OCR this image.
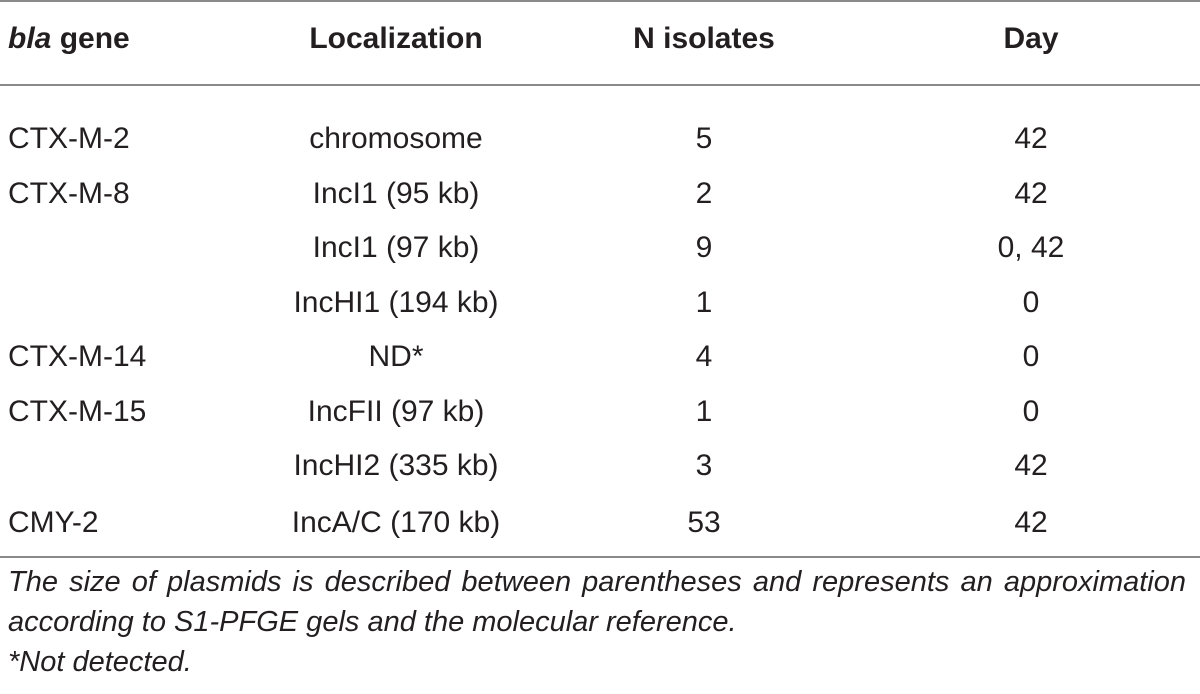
bla gene	Localization	N isolates	Day

CTX-M-2	chromosome	5	42
CTX-M-8	IncI1 (95 kb)	2	42
	IncI1 (97 kb)	9	0, 42
	IncHI1 (194 kb)	1	0
CTX-M-14	ND*	4	0
CTX-M-15	IncFII (97 kb)	1	0
	IncHI2 (335 kb)	3	42
CMY-2	IncA/C (170 kb)	53	42
The size of plasmids is described between parentheses and represents an approximation according to S1-PFGE gels and the molecular reference.
*Not detected.
